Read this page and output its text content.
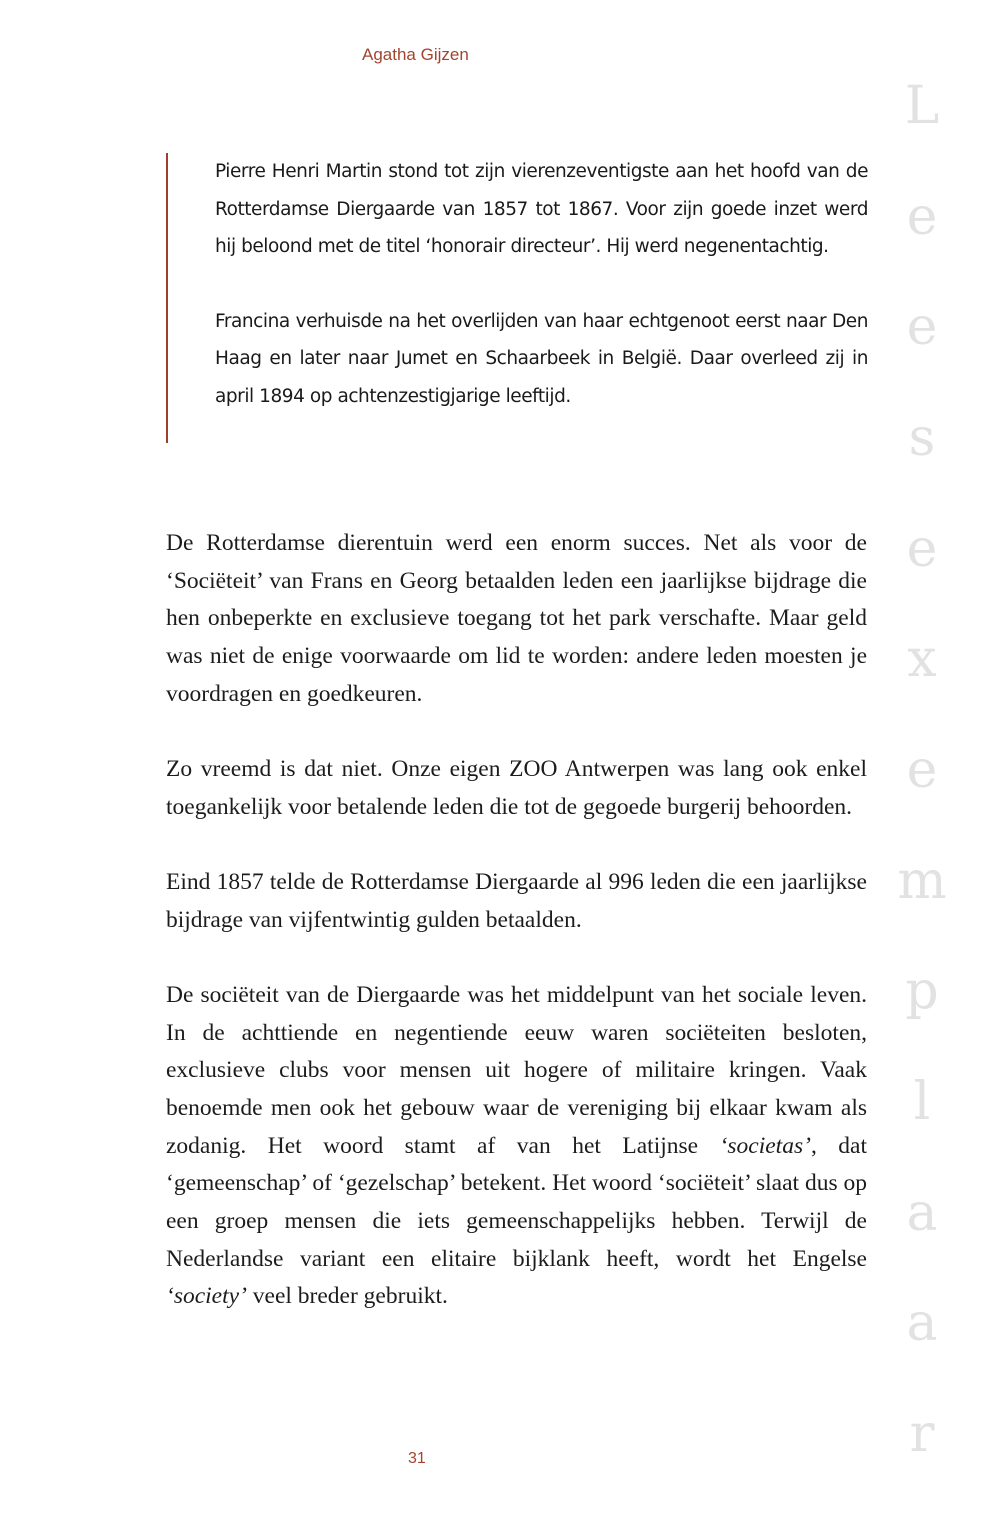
L
e
e
s
e
x
e
m
p
l
a
a
r
Agatha Gijzen

Pierre Henri Martin stond tot zijn vierenzeventigste aan het hoofd van de Rotterdamse Diergaarde van 1857 tot 1867. Voor zijn goede inzet werd hij beloond met de titel ‘honorair directeur’. Hij werd negenentachtig.

Francina verhuisde na het overlijden van haar echtgenoot eerst naar Den Haag en later naar Jumet en Schaarbeek in België. Daar overleed zij in april 1894 op achtenzestigjarige leeftijd.

De Rotterdamse dierentuin werd een enorm succes. Net als voor de ‘Sociëteit’ van Frans en Georg betaalden leden een jaarlijkse bijdrage die hen onbeperkte en exclusieve toegang tot het park verschafte. Maar geld was niet de enige voorwaarde om lid te worden: andere leden moesten je voordragen en goedkeuren.

Zo vreemd is dat niet. Onze eigen ZOO Antwerpen was lang ook enkel toegankelijk voor betalende leden die tot de gegoede burgerij behoorden.

Eind 1857 telde de Rotterdamse Diergaarde al 996 leden die een jaarlijkse bijdrage van vijfentwintig gulden betaalden.

De sociëteit van de Diergaarde was het middelpunt van het sociale leven. In de achttiende en negentiende eeuw waren sociëteiten besloten, exclusieve clubs voor mensen uit hogere of militaire kringen. Vaak benoemde men ook het gebouw waar de vereniging bij elkaar kwam als zodanig. Het woord stamt af van het Latijnse ‘societas’, dat ‘gemeenschap’ of ‘gezelschap’ betekent. Het woord ‘sociëteit’ slaat dus op een groep mensen die iets gemeenschappelijks hebben. Terwijl de Nederlandse variant een elitaire bijklank heeft, wordt het Engelse ‘society’ veel breder gebruikt.

31
